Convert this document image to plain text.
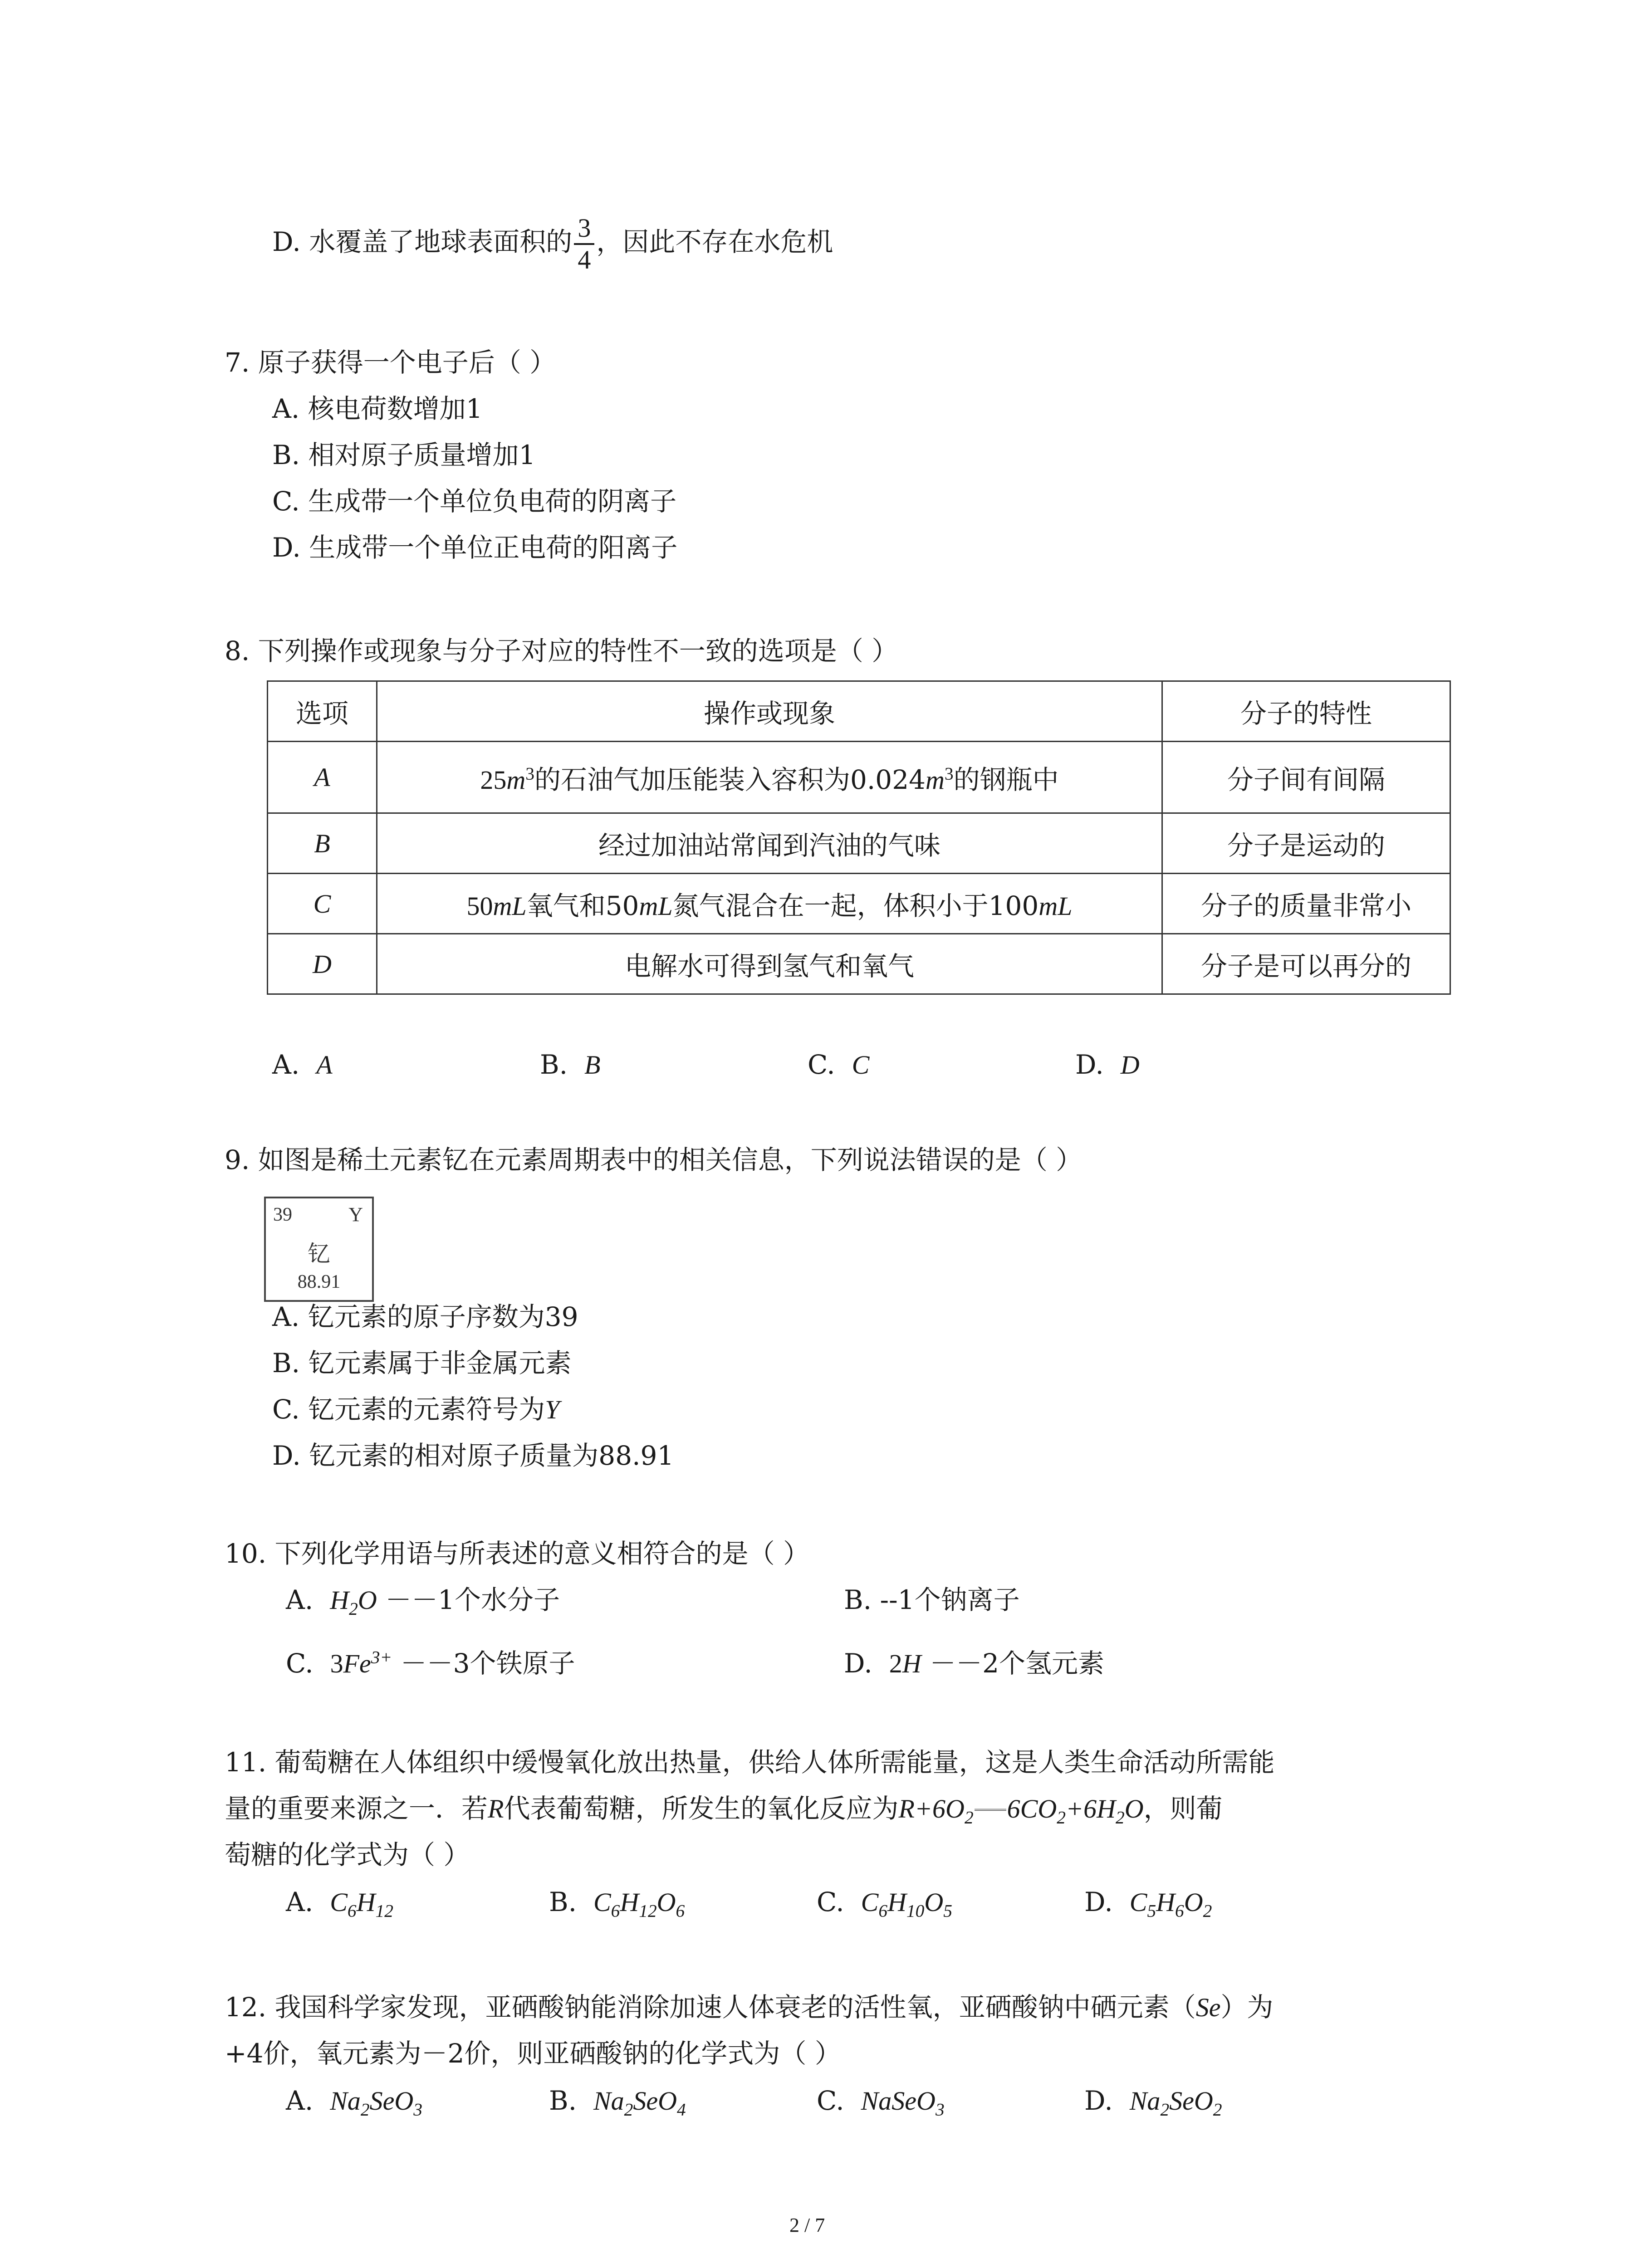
D. 水覆盖了地球表面积的 $\frac{3}{4}$ ，因此不存在水危机
7. 原子获得一个电子后（ ）
A. 核电荷数增加1
B. 相对原子质量增加1
C. 生成带一个单位负电荷的阴离子
D. 生成带一个单位正电荷的阳离子
8. 下列操作或现象与分子对应的特性不一致的选项是（ ）
选项	操作或现象	分子的特性
A	$25m^3$的石油气加压能装入容积为$0.024m^3$的钢瓶中	分子间有间隔
B	经过加油站常闻到汽油的气味	分子是运动的
C	50mL氧气和50mL氮气混合在一起，体积小于100mL	分子的质量非常小
D	电解水可得到氢气和氧气	分子是可以再分的
A. A	B. B	C. C	D. D
9. 如图是稀土元素钇在元素周期表中的相关信息，下列说法错误的是（ ）
39	Y
钇
88.91
A. 钇元素的原子序数为39
B. 钇元素属于非金属元素
C. 钇元素的元素符号为Y
D. 钇元素的相对原子质量为88.91
10. 下列化学用语与所表述的意义相符合的是（ ）
A. $H_2O --1$个水分子	B. --1个钠离子
C. $3Fe^{3+} --3$个铁原子	D. 2H －－2个氢元素
11. 葡萄糖在人体组织中缓慢氧化放出热量，供给人体所需能量，这是人类生命活动所需能
量的重要来源之一．若R代表葡萄糖，所发生的氧化反应为$R+6O_2$ $6CO_2+6H_2O$，则葡
萄糖的化学式为（ ）
A. $C_6H_{12}$	B. $C_6H_{12}O_6$	C. $C_6H_{10}O_5$	D. $C_5H_6O_2$
12. 我国科学家发现，亚硒酸钠能消除加速人体衰老的活性氧，亚硒酸钠中硒元素（Se）为
+4价，氧元素为－2价，则亚硒酸钠的化学式为（ ）
A. $Na_2SeO_3$	B. $Na_2SeO_4$	C. NaSeO$_3$	D. $Na_2SeO_2$
2 / 7
